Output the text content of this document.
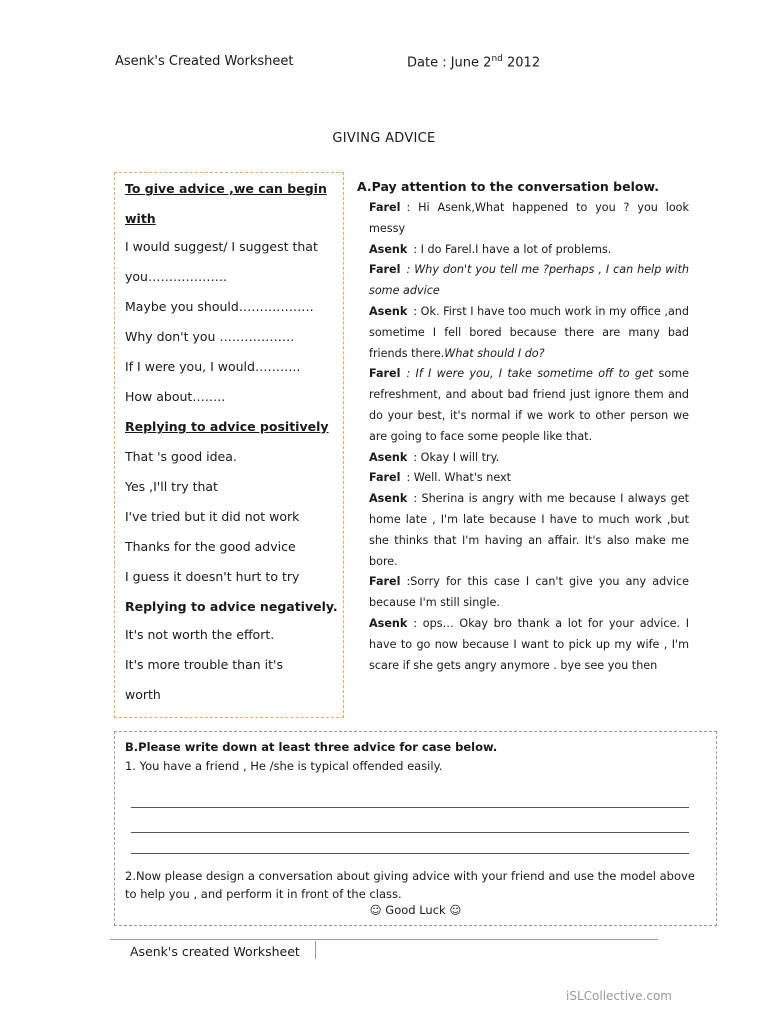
Asenk's Created Worksheet	Date : June 2nd 2012
GIVING ADVICE
To give advice ,we can begin
with
I would suggest/ I suggest that
you……………….
Maybe you should………………
Why don't you ………………
If I were you, I would………..
How about……..
Replying to advice positively
That 's good idea.
Yes ,I'll try that
I've tried but it did not work
Thanks for the good advice
I guess it doesn't hurt to try
Replying to advice negatively.
It's not worth the effort.
It's more trouble than it's
worth
A.Pay attention to the conversation below.

Farel : Hi Asenk,What happened to you ? you look messy

Asenk : I do Farel.I have a lot of problems.

Farel : Why don't you tell me ?perhaps , I can help with some advice

Asenk : Ok. First I have too much work in my office ,and sometime I fell bored because there are many bad friends there.What should I do?

Farel : If I were you, I take sometime off to get some refreshment, and about bad friend just ignore them and do your best, it's normal if we work to other person we are going to face some people like that.

Asenk : Okay I will try.

Farel : Well. What's next

Asenk : Sherina is angry with me because I always get home late , I'm late because I have to much work ,but she thinks that I'm having an affair. It's also make me bore.

Farel :Sorry for this case I can't give you any advice because I'm still single.

Asenk : ops… Okay bro thank a lot for your advice. I have to go now because I want to pick up my wife , I'm scare if she gets angry anymore . bye see you then

B.Please write down at least three advice for case below.
1. You have a friend , He /she is typical offended easily.
2.Now please design a conversation about giving advice with your friend and use the model above to help you , and perform it in front of the class.
☺ Good Luck ☺
Asenk's created Worksheet
iSLCollective.com
